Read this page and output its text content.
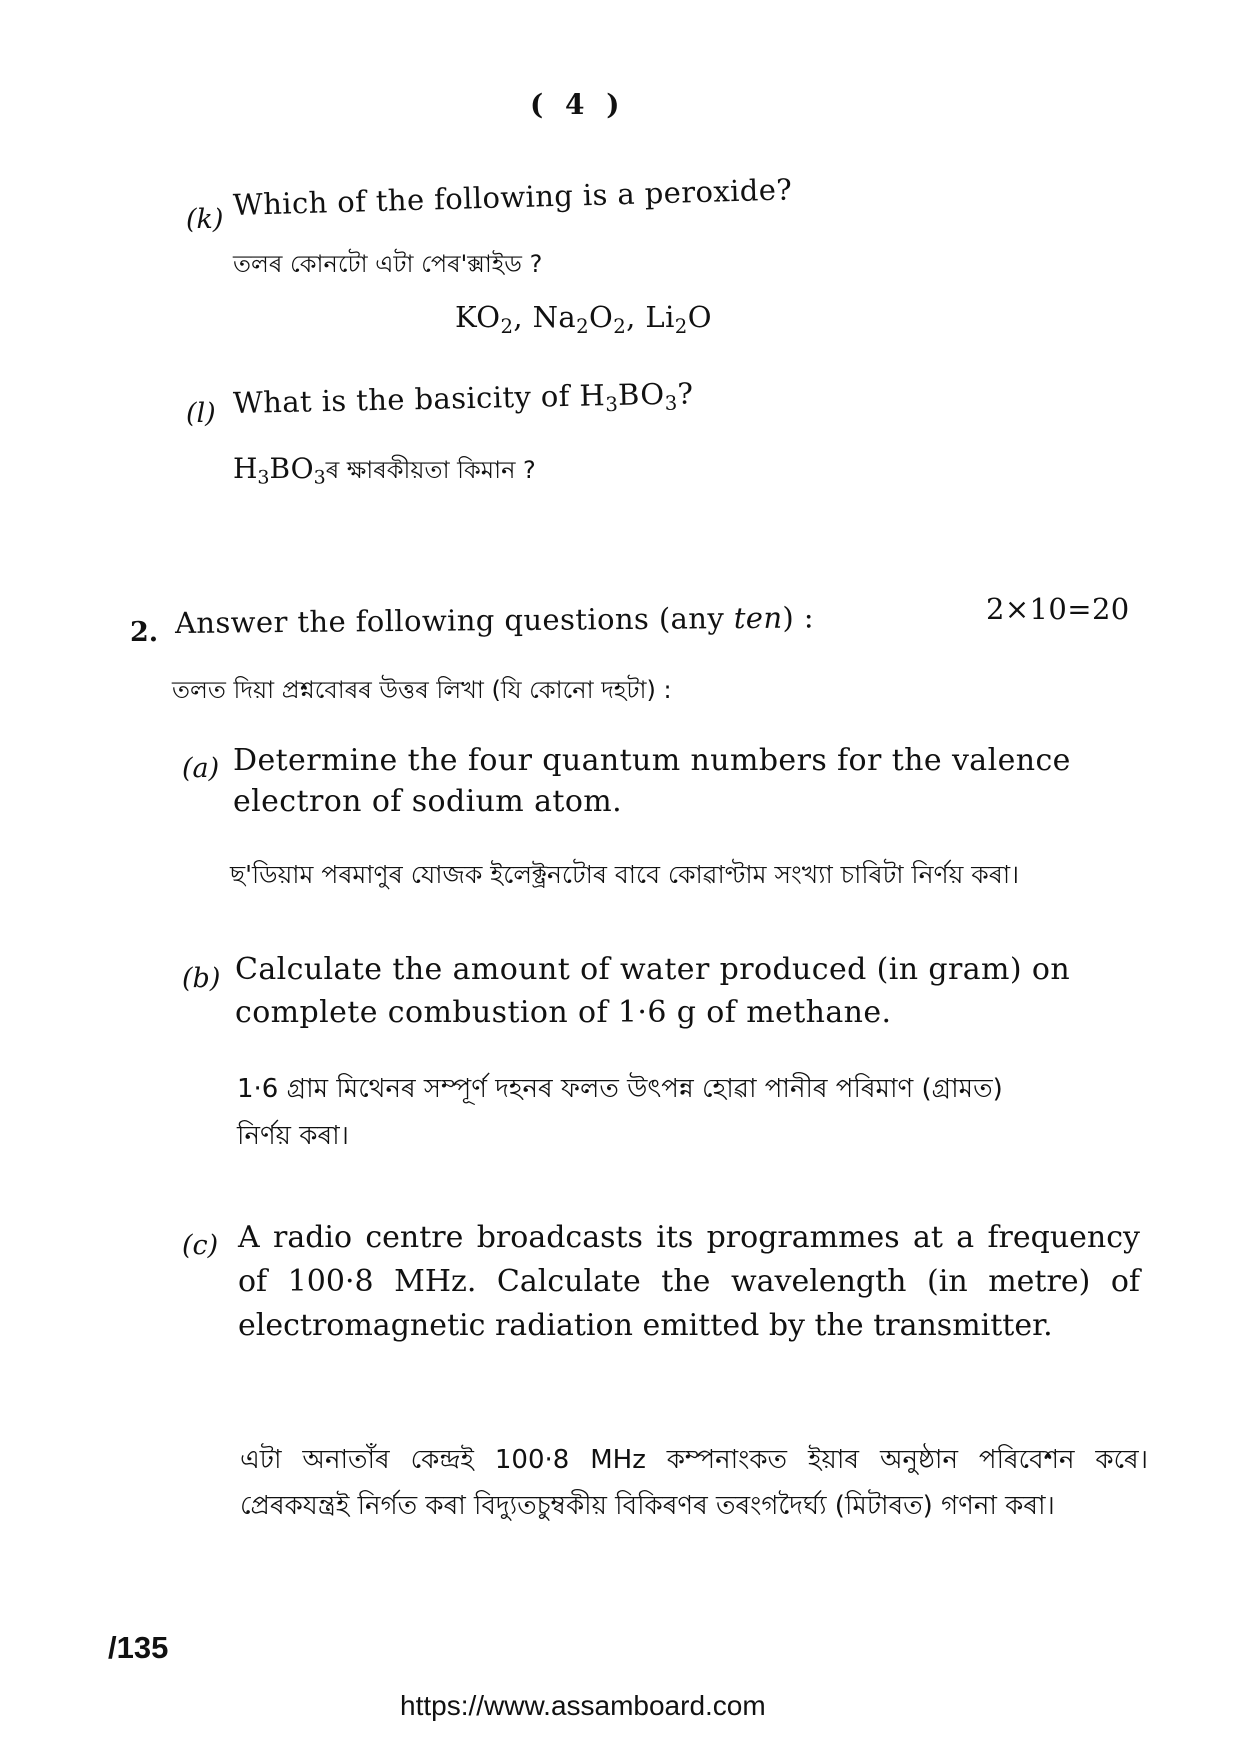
( 4 )
(k) Which of the following is a peroxide?
তলৰ কোনটো এটা পেৰ'ক্সাইড ?
$KO_2$, $Na_2O_2$, $Li_2O$
(l) What is the basicity of $H_3BO_3$?
$H_3BO_3ৰ$ ক্ষাৰকীয়তা কিমান ?
2. Answer the following questions (any ten) :	2×10=20
তলত দিয়া প্ৰশ্নবোৰৰ উত্তৰ লিখা (যি কোনো দহটা) :
(a) Determine the four quantum numbers for the valence
electron of sodium atom.
ছ'ডিয়াম পৰমাণুৰ যোজক ইলেক্ট্ৰনটোৰ বাবে কোৱাণ্টাম সংখ্যা চাৰিটা নিৰ্ণয় কৰা।
(b) Calculate the amount of water produced (in gram) on
complete combustion of 1·6 g of methane.
1·6 গ্ৰাম মিথেনৰ সম্পূৰ্ণ দহনৰ ফলত উৎপন্ন হোৱা পানীৰ পৰিমাণ (গ্ৰামত)
নিৰ্ণয় কৰা।
(c) A radio centre broadcasts its programmes at a frequency of 100·8 MHz. Calculate the wavelength (in metre) of electromagnetic radiation emitted by the transmitter.
এটা অনাতাঁৰ কেন্দ্ৰই 100·8 MHz কম্পনাংকত ইয়াৰ অনুষ্ঠান পৰিবেশন কৰে। প্ৰেৰকযন্ত্ৰই নিৰ্গত কৰা বিদ্যুতচুম্বকীয় বিকিৰণৰ তৰংগদৈৰ্ঘ্য (মিটাৰত) গণনা কৰা।
/135
https://www.assamboard.com
